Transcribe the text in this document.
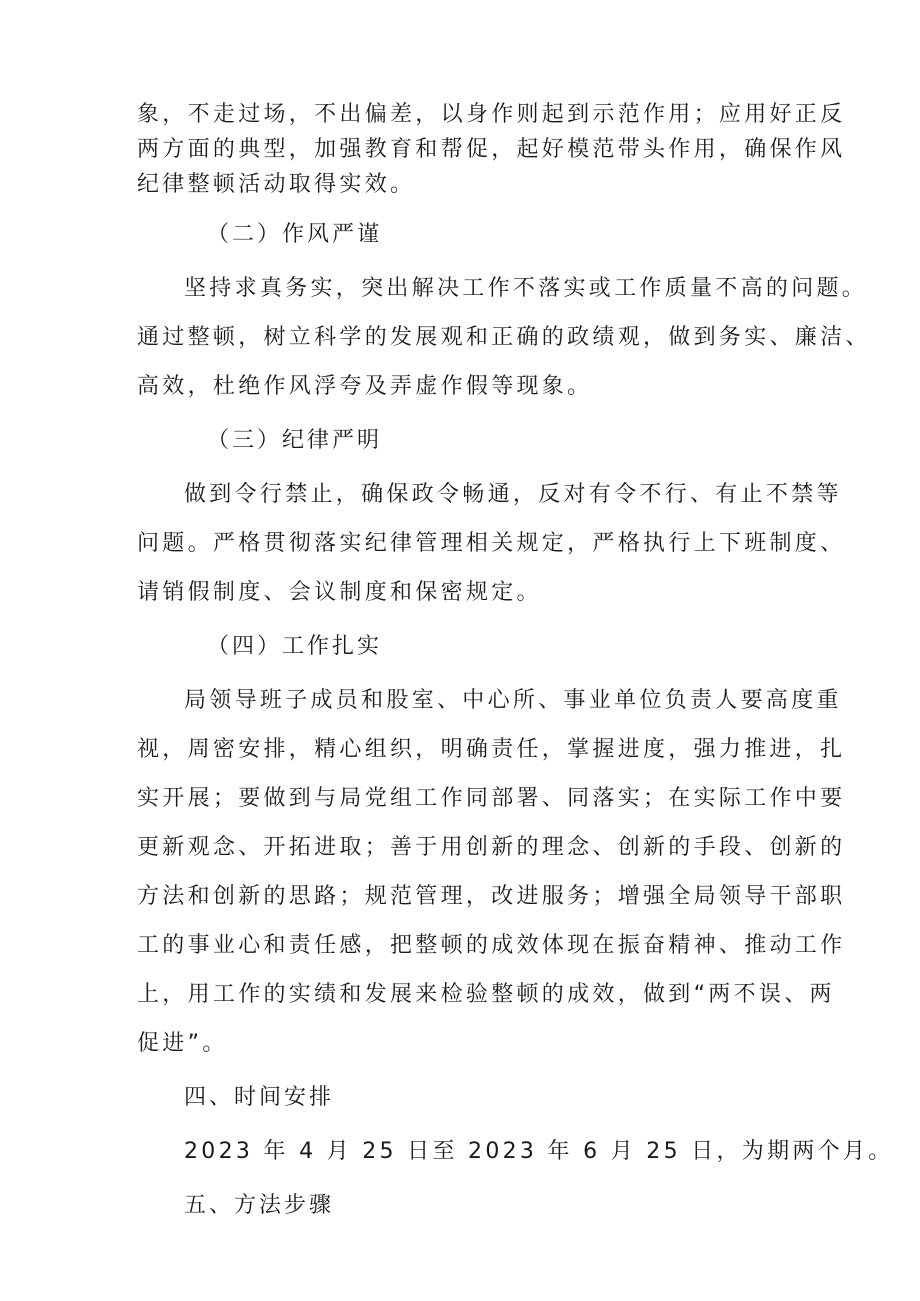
象，不走过场，不出偏差，以身作则起到示范作用；应用好正反
两方面的典型，加强教育和帮促，起好模范带头作用，确保作风
纪律整顿活动取得实效。
（二）作风严谨
坚持求真务实，突出解决工作不落实或工作质量不高的问题。
通过整顿，树立科学的发展观和正确的政绩观，做到务实、廉洁、
高效，杜绝作风浮夸及弄虚作假等现象。
（三）纪律严明
做到令行禁止，确保政令畅通，反对有令不行、有止不禁等
问题。严格贯彻落实纪律管理相关规定，严格执行上下班制度、
请销假制度、会议制度和保密规定。
（四）工作扎实
局领导班子成员和股室、中心所、事业单位负责人要高度重
视，周密安排，精心组织，明确责任，掌握进度，强力推进，扎
实开展；要做到与局党组工作同部署、同落实；在实际工作中要
更新观念、开拓进取；善于用创新的理念、创新的手段、创新的
方法和创新的思路；规范管理，改进服务；增强全局领导干部职
工的事业心和责任感，把整顿的成效体现在振奋精神、推动工作
上，用工作的实绩和发展来检验整顿的成效，做到“两不误、两
促进”。
四、时间安排
2023 年 4 月 25 日至 2023 年 6 月 25 日，为期两个月。
五、方法步骤
